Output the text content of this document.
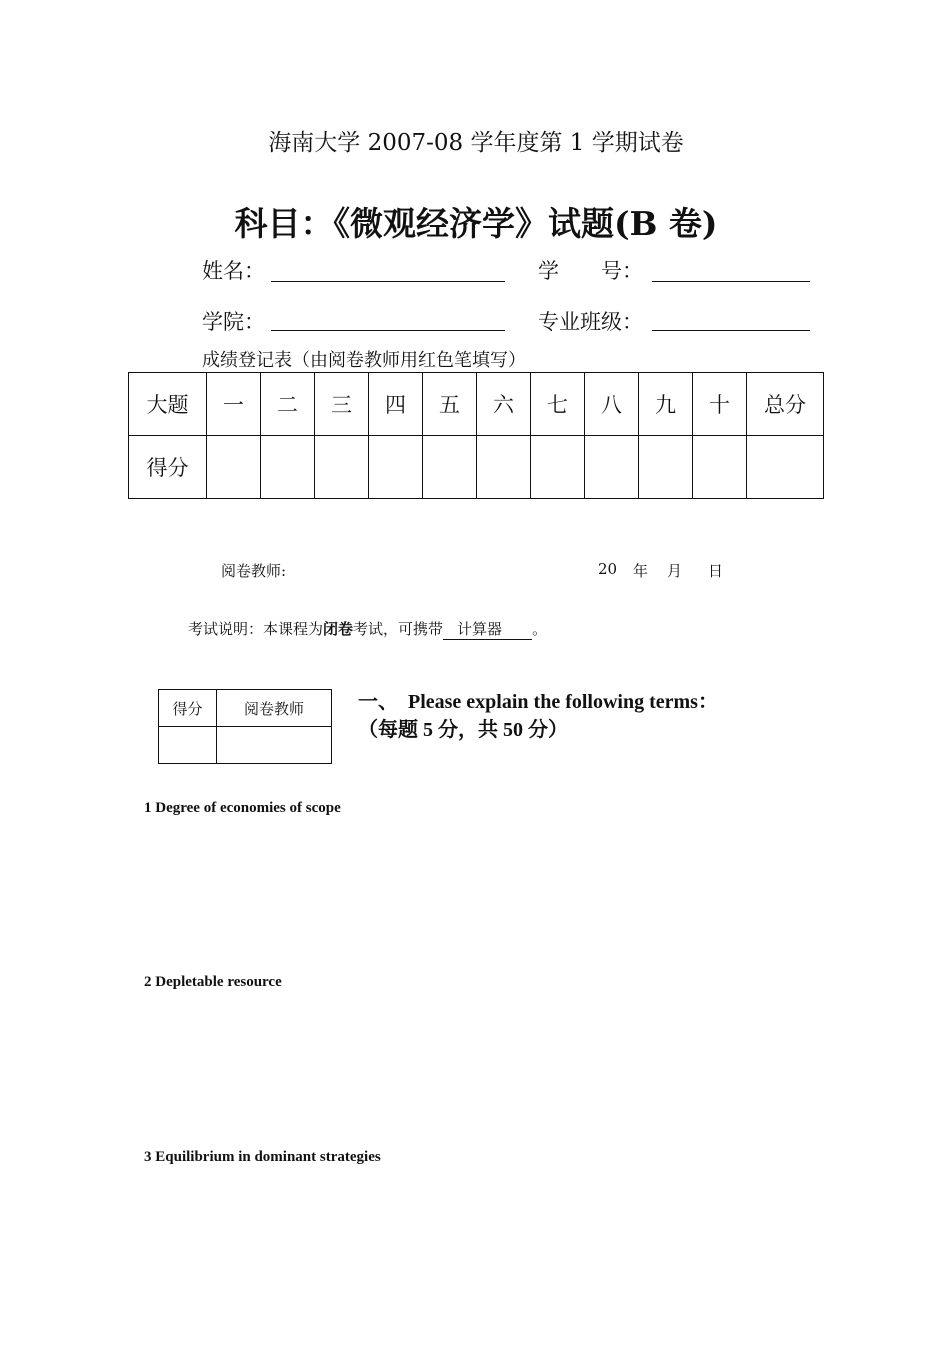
海南大学 2007-08 学年度第 1 学期试卷
科目：《微观经济学》试题(B 卷)
姓名：	学　　号：
学院：	专业班级：
成绩登记表（由阅卷教师用红色笔填写）
大题	一	二	三	四	五	六	七	八	九	十	总分
得分											
阅卷教师:	20 年 月 日
考试说明：本课程为闭卷考试，可携带 计算器 。
得分	阅卷教师
		一、　Please explain the following terms：
（每题 5 分，共 50 分）
1 Degree of economies of scope
2 Depletable resource
3 Equilibrium in dominant strategies
